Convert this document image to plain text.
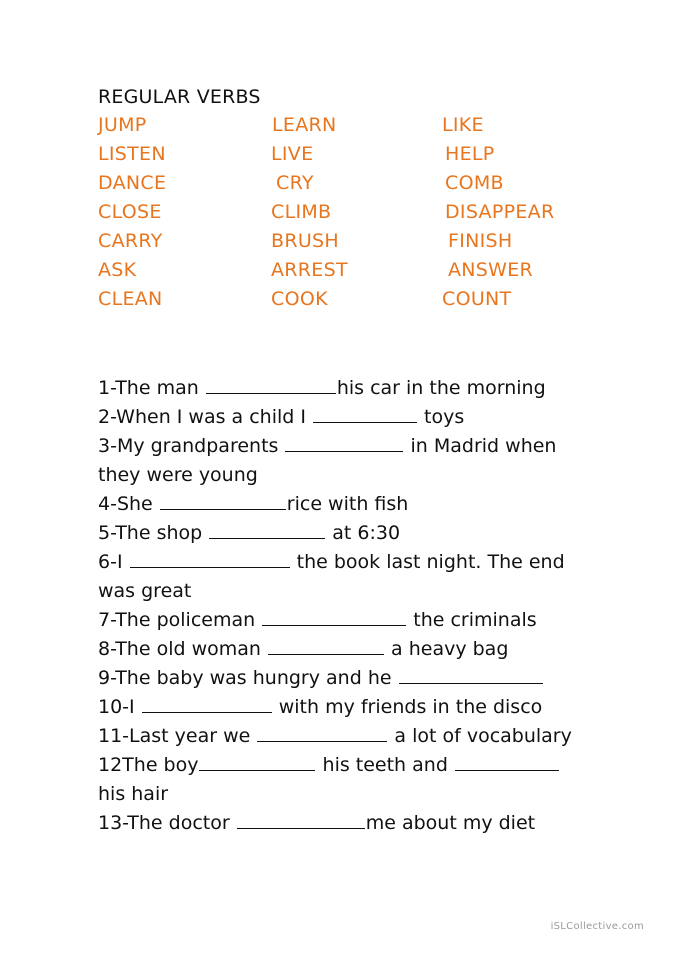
REGULAR VERBS
JUMP	LEARN	LIKE
LISTEN	LIVE	HELP
DANCE	CRY	COMB
CLOSE	CLIMB	DISAPPEAR
CARRY	BRUSH	FINISH
ASK	ARREST	ANSWER
CLEAN	COOK	COUNT
1-The man	his car in the morning
2-When I was a child I	toys
3-My grandparents	in Madrid when
they were young
4-She	rice with fish
5-The shop	at 6:30
6-I	the book last night. The end
was great
7-The policeman	the criminals
8-The old woman	a heavy bag
9-The baby was hungry and he
10-I	with my friends in the disco
11-Last year we	a lot of vocabulary
12The boy	his teeth and
his hair
13-The doctor	me about my diet
iSLCollective.com
